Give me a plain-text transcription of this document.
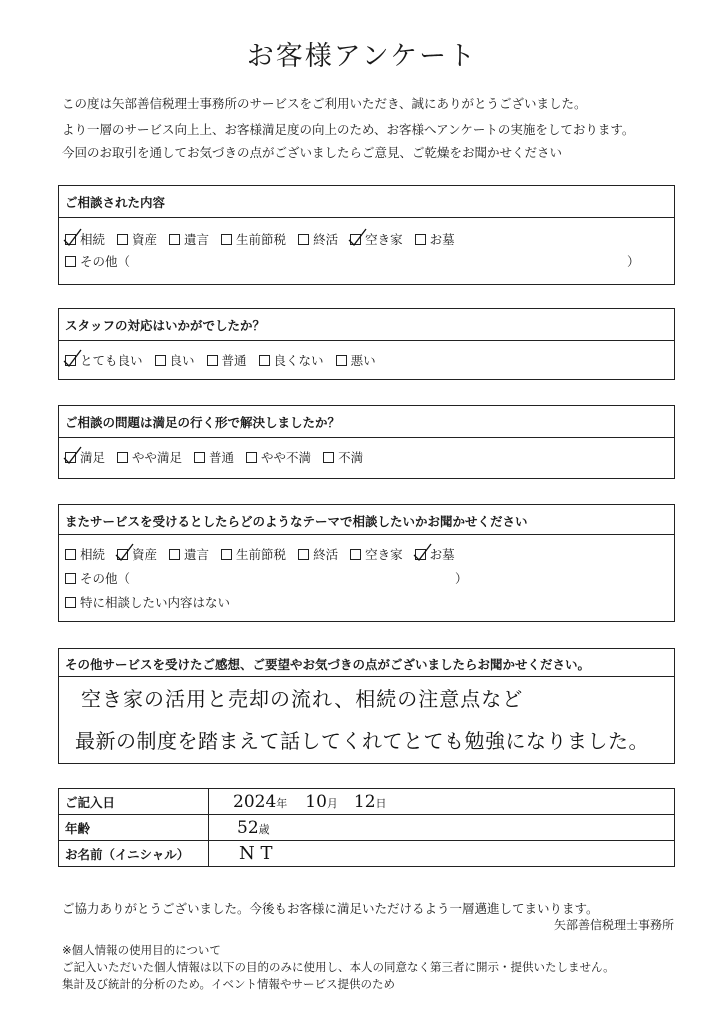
お客様アンケート
この度は矢部善信税理士事務所のサービスをご利用いただき、誠にありがとうございました。
より一層のサービス向上上、お客様満足度の向上のため、お客様へアンケートの実施をしております。
今回のお取引を通してお気づきの点がございましたらご意見、ご乾燥をお聞かせください
ご相談された内容
相続 資産 遺言 生前節税 終活 空き家 お墓
その他（	）
スタッフの対応はいかがでしたか？
とても良い 良い 普通 良くない 悪い
ご相談の問題は満足の行く形で解決しましたか？
満足 やや満足 普通 やや不満 不満
またサービスを受けるとしたらどのようなテーマで相談したいかお聞かせください
相続 資産 遺言 生前節税 終活 空き家 お墓
その他（	）
特に相談したい内容はない
その他サービスを受けたご感想、ご要望やお気づきの点がございましたらお聞かせください。
空き家の活用と売却の流れ、相続の注意点など
最新の制度を踏まえて話してくれてとても勉強になりました。
ご記入日	2024年 10月 12日
年齢	52歳
お名前（イニシャル）	N T
ご協力ありがとうございました。今後もお客様に満足いただけるよう一層邁進してまいります。
矢部善信税理士事務所
※個人情報の使用目的について
ご記入いただいた個人情報は以下の目的のみに使用し、本人の同意なく第三者に開示・提供いたしません。
集計及び統計的分析のため。イベント情報やサービス提供のため
